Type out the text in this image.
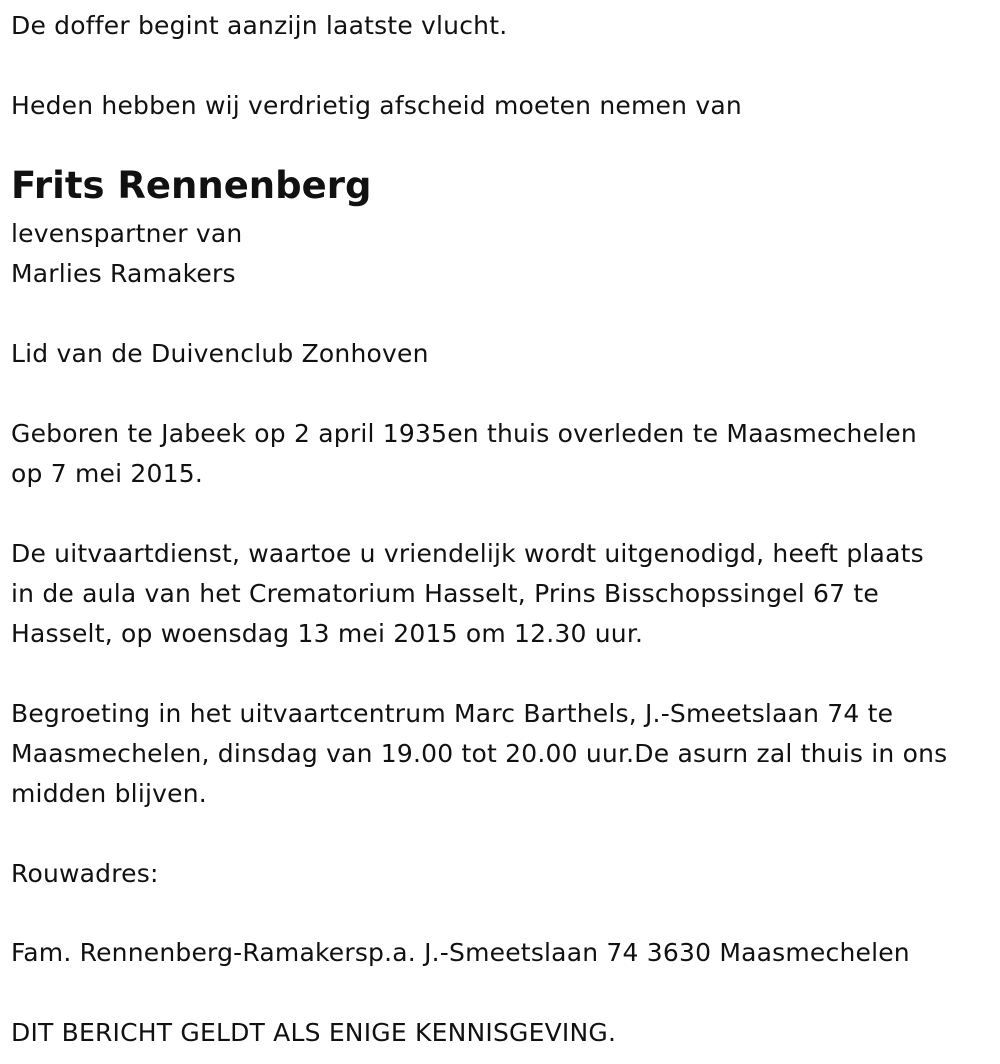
De doffer begint aanzijn laatste vlucht.
Heden hebben wij verdrietig afscheid moeten nemen van
Frits Rennenberg
levenspartner van
Marlies Ramakers
Lid van de Duivenclub Zonhoven
Geboren te Jabeek op 2 april 1935en thuis overleden te Maasmechelen
op 7 mei 2015.
De uitvaartdienst, waartoe u vriendelijk wordt uitgenodigd, heeft plaats
in de aula van het Crematorium Hasselt, Prins Bisschopssingel 67 te
Hasselt, op woensdag 13 mei 2015 om 12.30 uur.
Begroeting in het uitvaartcentrum Marc Barthels, J.-Smeetslaan 74 te
Maasmechelen, dinsdag van 19.00 tot 20.00 uur.De asurn zal thuis in ons
midden blijven.
Rouwadres:
Fam. Rennenberg-Ramakersp.a. J.-Smeetslaan 74 3630 Maasmechelen
DIT BERICHT GELDT ALS ENIGE KENNISGEVING.
